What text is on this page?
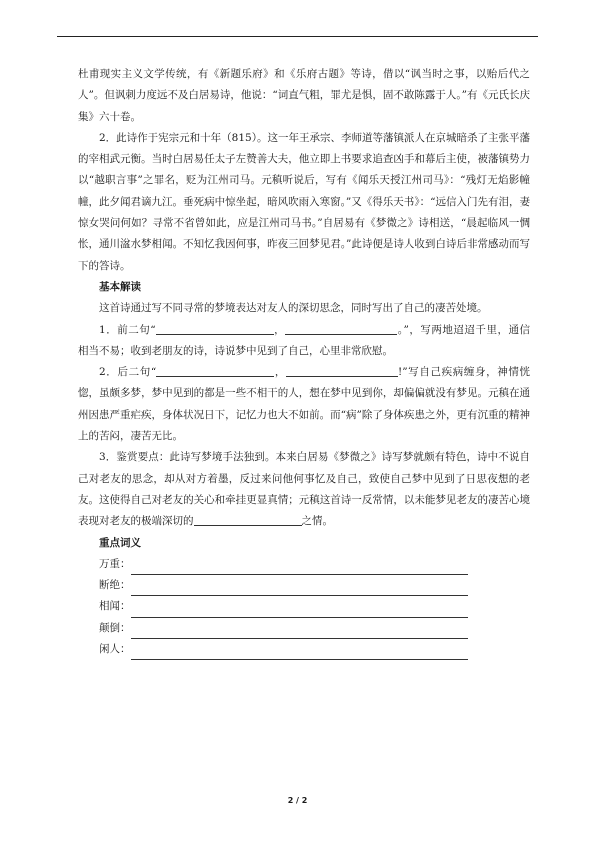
杜甫现实主义文学传统，有《新题乐府》和《乐府古题》等诗，借以“讽当时之事，以贻后代之人”。但讽刺力度远不及白居易诗，他说：“词直气粗，罪尤是惧，固不敢陈露于人。”有《元氏长庆集》六十卷。

2．此诗作于宪宗元和十年（815）。这一年王承宗、李师道等藩镇派人在京城暗杀了主张平藩的宰相武元衡。当时白居易任太子左赞善大夫，他立即上书要求追查凶手和幕后主使，被藩镇势力以“越职言事”之罪名，贬为江州司马。元稹听说后，写有《闻乐天授江州司马》：“残灯无焰影幢幢，此夕闻君谪九江。垂死病中惊坐起，暗风吹雨入寒窗。”又《得乐天书》：“远信入门先有泪，妻惊女哭问何如？寻常不省曾如此，应是江州司马书。”自居易有《梦微之》诗相送，“晨起临风一惆怅，通川湓水梦相闻。不知忆我因何事，昨夜三回梦见君。”此诗便是诗人收到白诗后非常感动而写下的答诗。

基本解读

这首诗通过写不同寻常的梦境表达对友人的深切思念，同时写出了自己的凄苦处境。

1．前二句“	，	。”，写两地迢迢千里，通信相当不易；收到老朋友的诗，诗说梦中见到了自己，心里非常欣慰。

2．后二句“	，	!”写自己疾病缠身，神情恍惚，虽颇多梦，梦中见到的都是一些不相干的人，想在梦中见到你，却偏偏就没有梦见。元稹在通州因患严重疟疾，身体状况日下，记忆力也大不如前。而“病”除了身体疾患之外，更有沉重的精神上的苦闷，凄苦无比。

3．鉴赏要点：此诗写梦境手法独到。本来白居易《梦微之》诗写梦就颇有特色，诗中不说自己对老友的思念，却从对方着墨，反过来问他何事忆及自己，致使自己梦中见到了日思夜想的老友。这使得自己对老友的关心和牵挂更显真情；元稹这首诗一反常情，以未能梦见老友的凄苦心境表现对老友的极端深切的	之情。

重点词义

万重：
断绝：
相闻：
颠倒：
闲人：
2 / 2
